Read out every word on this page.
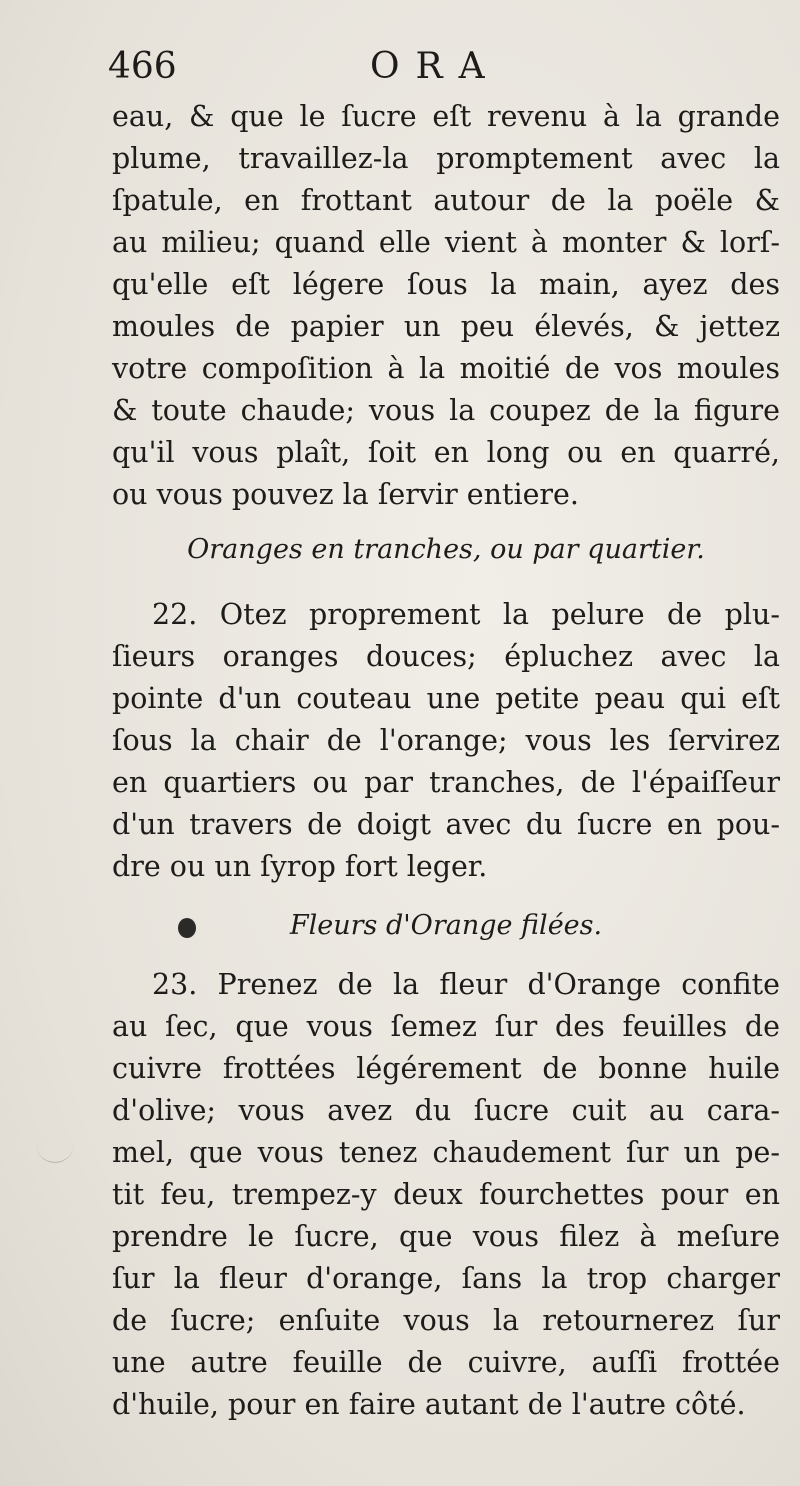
466	ORA
eau, & que le ſucre eſt revenu à la grande
plume, travaillez-la promptement avec la
ſpatule, en frottant autour de la poële &
au milieu; quand elle vient à monter & lorſ-
qu'elle eſt légere ſous la main, ayez des
moules de papier un peu élevés, & jettez
votre compoſition à la moitié de vos moules
& toute chaude; vous la coupez de la figure
qu'il vous plaît, ſoit en long ou en quarré,
ou vous pouvez la ſervir entiere.
Oranges en tranches, ou par quartier.
22. Otez proprement la pelure de plu-
ſieurs oranges douces; épluchez avec la
pointe d'un couteau une petite peau qui eſt
ſous la chair de l'orange; vous les ſervirez
en quartiers ou par tranches, de l'épaiſſeur
d'un travers de doigt avec du ſucre en pou-
dre ou un ſyrop fort leger.
Fleurs d'Orange filées.
23. Prenez de la fleur d'Orange confite
au ſec, que vous ſemez ſur des feuilles de
cuivre frottées légérement de bonne huile
d'olive; vous avez du ſucre cuit au cara-
mel, que vous tenez chaudement ſur un pe-
tit feu, trempez-y deux fourchettes pour en
prendre le ſucre, que vous filez à meſure
ſur la fleur d'orange, ſans la trop charger
de ſucre; enſuite vous la retournerez ſur
une autre feuille de cuivre, auſſi frottée
d'huile, pour en faire autant de l'autre côté.
